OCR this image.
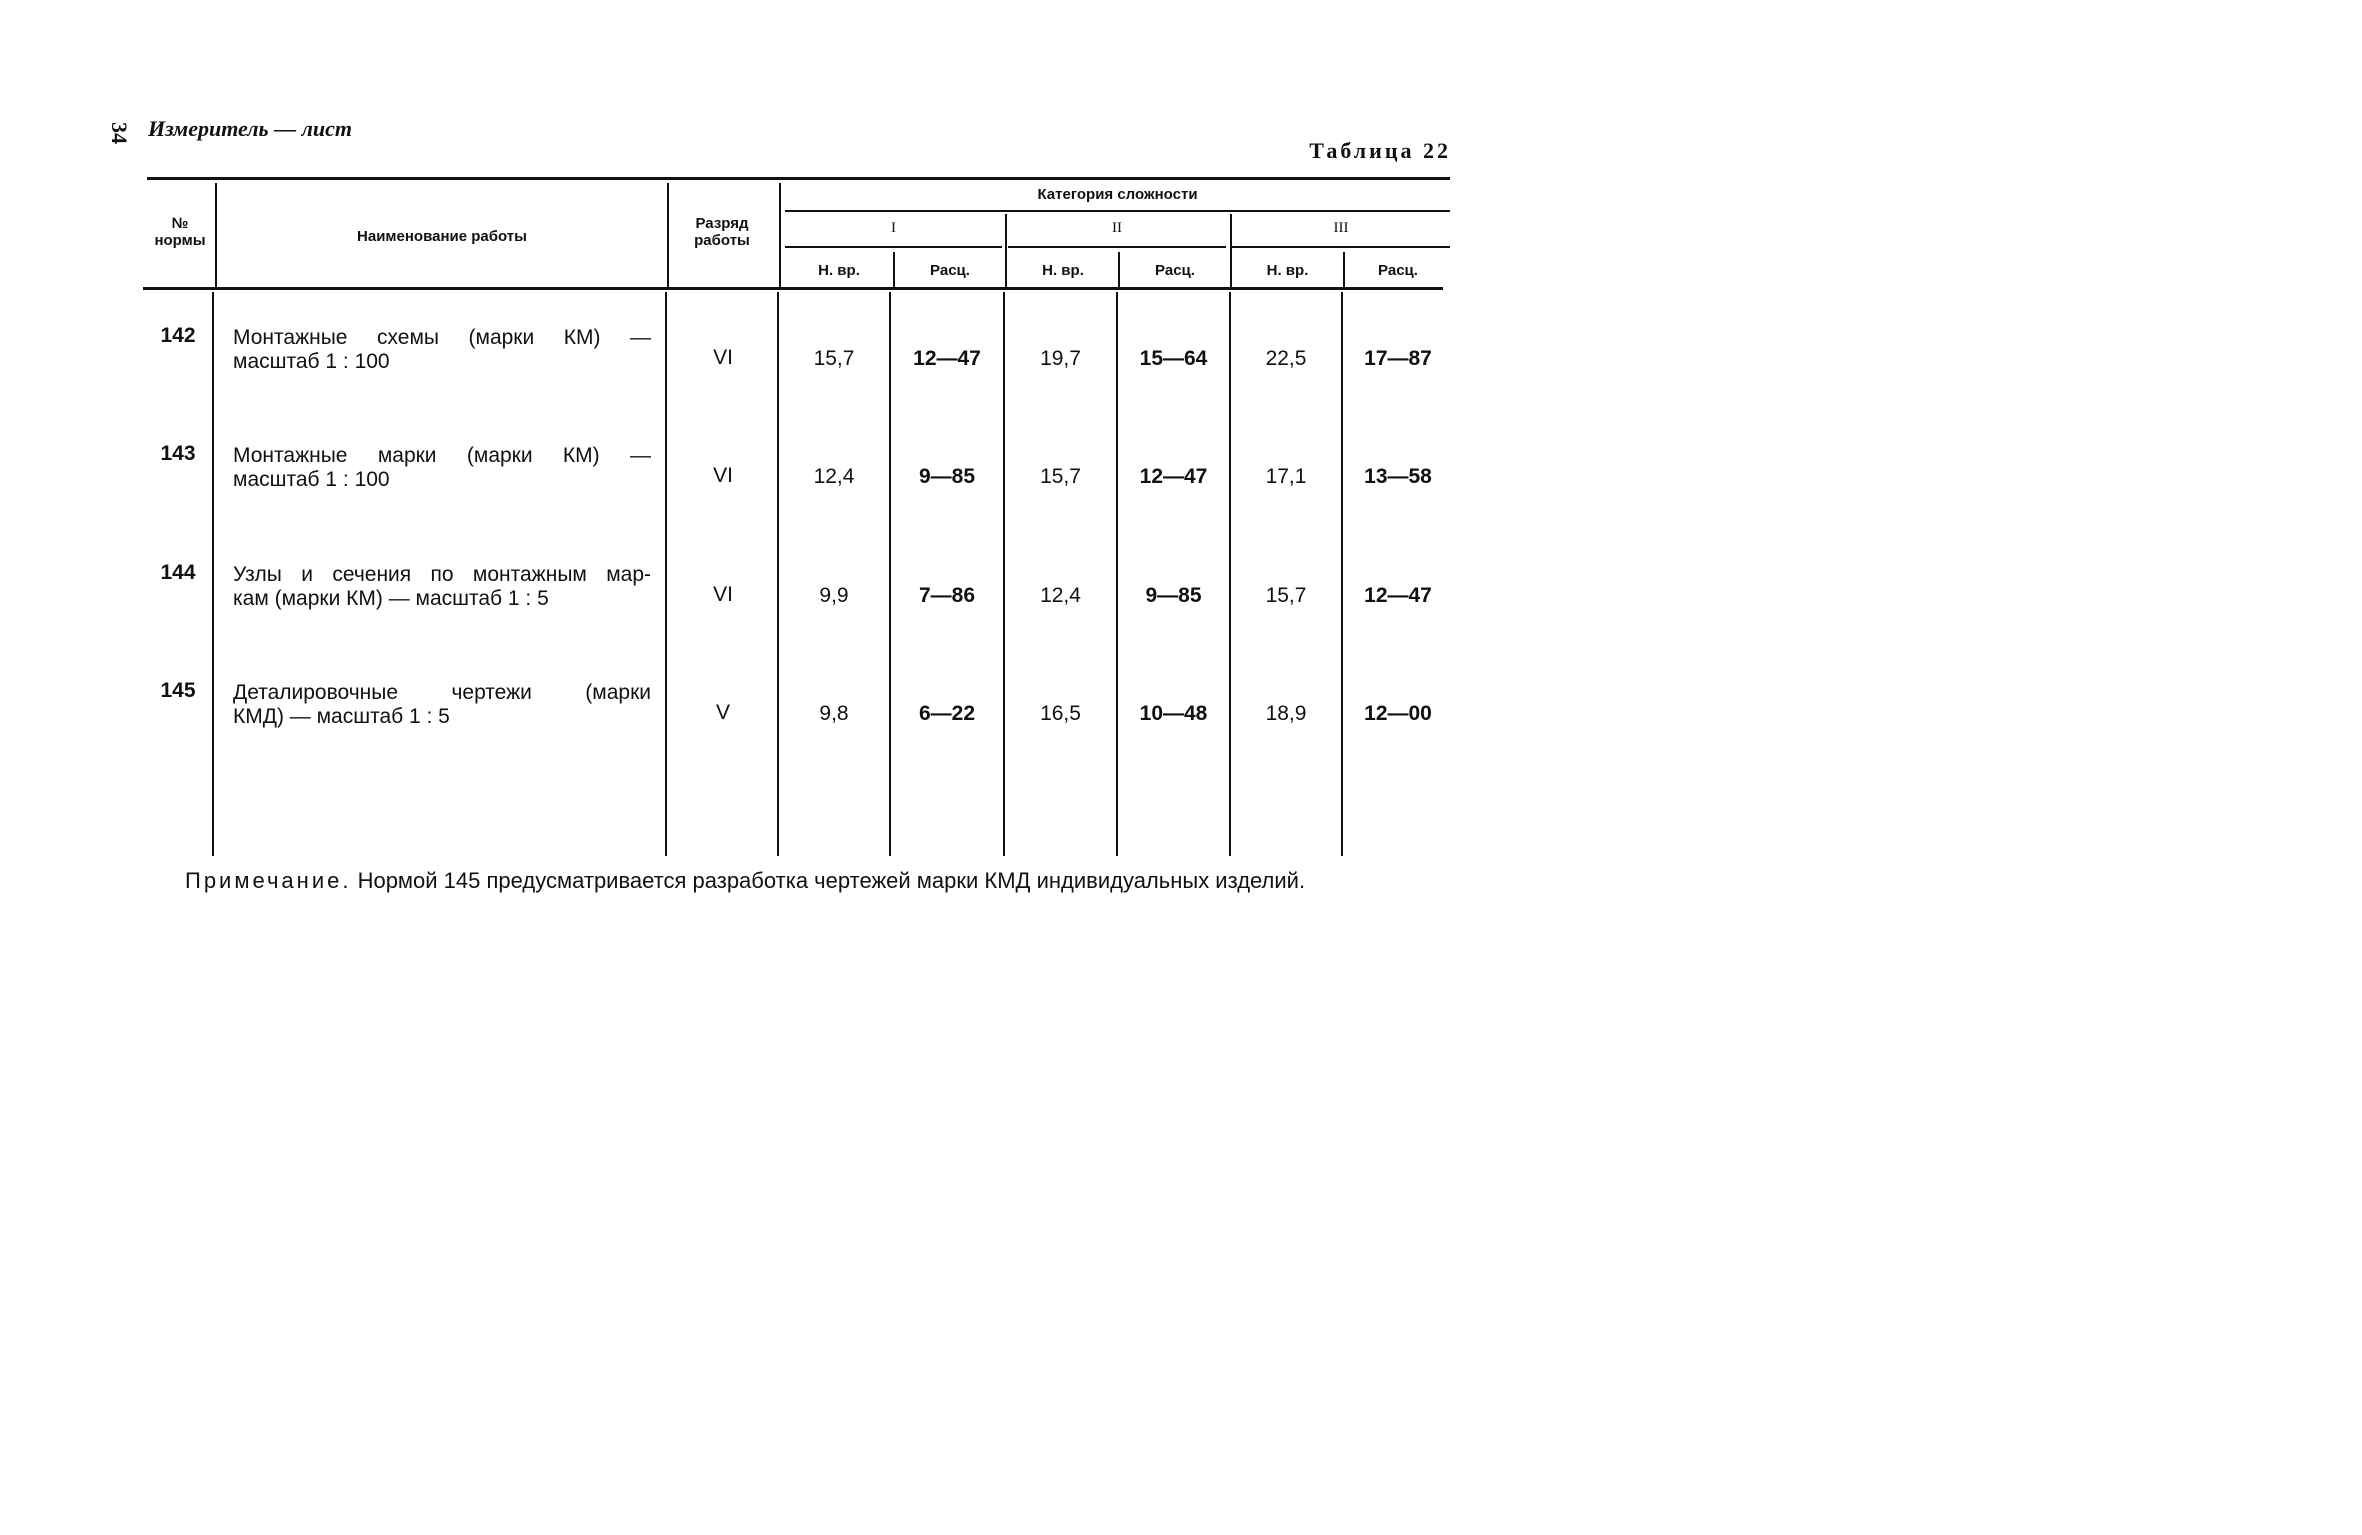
34 Измеритель — лист
Таблица 22
№ нормы	Наименование работы
Разряд работы
Категория сложности
I	II	III
Н. вр.	Расц.	Н. вр.	Расц.	Н. вр.	Расц.
142	Монтажные схемы (марки КМ) —
масштаб 1 : 100	VI	15,7	12—47	19,7	15—64	22,5	17—87
143	Монтажные марки (марки КМ) —
масштаб 1 : 100	VI	12,4	9—85	15,7	12—47	17,1	13—58
144	Узлы и сечения по монтажным мар-
кам (марки КМ) — масштаб 1 : 5	VI	9,9	7—86	12,4	9—85	15,7	12—47
145	Деталировочные чертежи (марки
КМД) — масштаб 1 : 5	V	9,8	6—22	16,5	10—48	18,9	12—00
Примечание. Нормой 145 предусматривается разработка чертежей марки КМД индивидуальных изделий.
